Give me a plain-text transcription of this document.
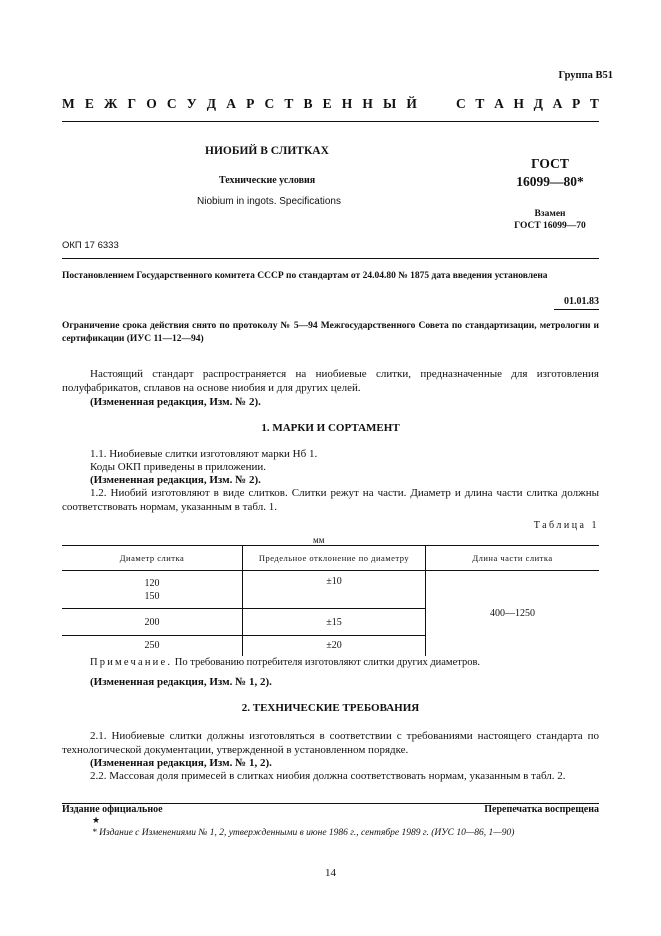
Группа В51
М Е Ж Г О С У Д А Р С Т В Е Н Н Ы Й	С Т А Н Д А Р Т
НИОБИЙ В СЛИТКАХ
Технические условия
Niobium in ingots. Specifications
ГОСТ
16099—80*
Взамен
ГОСТ 16099—70
ОКП 17 6333
Постановлением Государственного комитета СССР по стандартам от 24.04.80 № 1875 дата введения установлена
01.01.83
Ограничение срока действия снято по протоколу № 5—94 Межгосударственного Совета по стандартизации, метрологии и сертификации (ИУС 11—12—94)
Настоящий стандарт распространяется на ниобиевые слитки, предназначенные для изготовления полуфабрикатов, сплавов на основе ниобия и для других целей.
(Измененная редакция, Изм. № 2).
1. МАРКИ И СОРТАМЕНТ
1.1. Ниобиевые слитки изготовляют марки Нб 1.
Коды ОКП приведены в приложении.
(Измененная редакция, Изм. № 2).
1.2. Ниобий изготовляют в виде слитков. Слитки режут на части. Диаметр и длина части слитка должны соответствовать нормам, указанным в табл. 1.
Таблица 1
мм
Диаметр слитка	Предельное отклонение по диаметру	Длина части слитка

120
150	±10	400—1250
200	±15	
250	±20	
Примечание. По требованию потребителя изготовляют слитки других диаметров.
(Измененная редакция, Изм. № 1, 2).
2. ТЕХНИЧЕСКИЕ ТРЕБОВАНИЯ
2.1. Ниобиевые слитки должны изготовляться в соответствии с требованиями настоящего стандарта по технологической документации, утвержденной в установленном порядке.
(Измененная редакция, Изм. № 1, 2).
2.2. Массовая доля примесей в слитках ниобия должна соответствовать нормам, указанным в табл. 2.
Издание официальное	Перепечатка воспрещена
★
* Издание с Изменениями № 1, 2, утвержденными в июне 1986 г., сентябре 1989 г. (ИУС 10—86, 1—90)
14
